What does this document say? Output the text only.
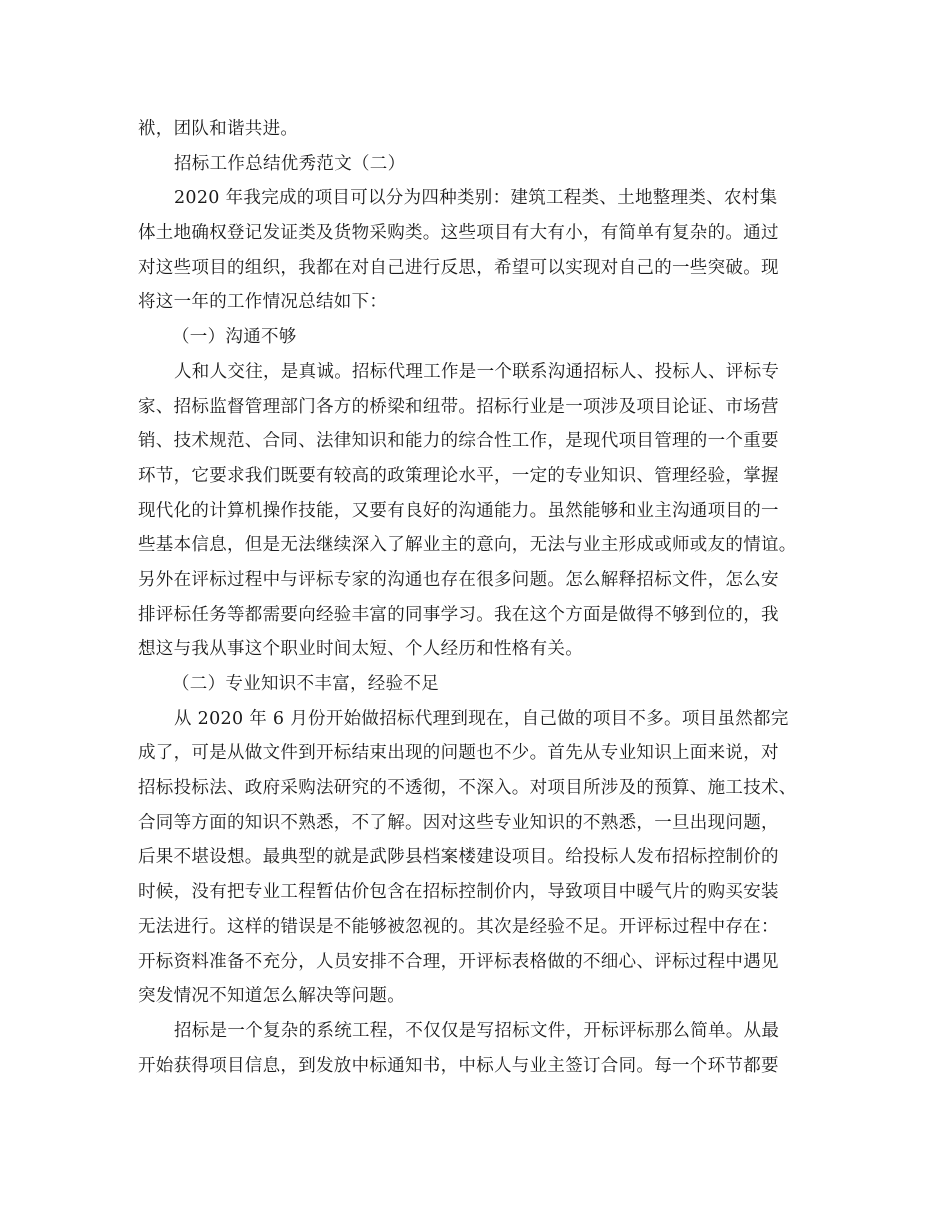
袱，团队和谐共进。
招标工作总结优秀范文（二）
2020 年我完成的项目可以分为四种类别：建筑工程类、土地整理类、农村集
体土地确权登记发证类及货物采购类。这些项目有大有小，有简单有复杂的。通过
对这些项目的组织，我都在对自己进行反思，希望可以实现对自己的一些突破。现
将这一年的工作情况总结如下：
（一）沟通不够
人和人交往，是真诚。招标代理工作是一个联系沟通招标人、投标人、评标专
家、招标监督管理部门各方的桥梁和纽带。招标行业是一项涉及项目论证、市场营
销、技术规范、合同、法律知识和能力的综合性工作，是现代项目管理的一个重要
环节，它要求我们既要有较高的政策理论水平，一定的专业知识、管理经验，掌握
现代化的计算机操作技能，又要有良好的沟通能力。虽然能够和业主沟通项目的一
些基本信息，但是无法继续深入了解业主的意向，无法与业主形成或师或友的情谊。
另外在评标过程中与评标专家的沟通也存在很多问题。怎么解释招标文件，怎么安
排评标任务等都需要向经验丰富的同事学习。我在这个方面是做得不够到位的，我
想这与我从事这个职业时间太短、个人经历和性格有关。
（二）专业知识不丰富，经验不足
从 2020 年 6 月份开始做招标代理到现在，自己做的项目不多。项目虽然都完
成了，可是从做文件到开标结束出现的问题也不少。首先从专业知识上面来说，对
招标投标法、政府采购法研究的不透彻，不深入。对项目所涉及的预算、施工技术、
合同等方面的知识不熟悉，不了解。因对这些专业知识的不熟悉，一旦出现问题，
后果不堪设想。最典型的就是武陟县档案楼建设项目。给投标人发布招标控制价的
时候，没有把专业工程暂估价包含在招标控制价内，导致项目中暖气片的购买安装
无法进行。这样的错误是不能够被忽视的。其次是经验不足。开评标过程中存在：
开标资料准备不充分，人员安排不合理，开评标表格做的不细心、评标过程中遇见
突发情况不知道怎么解决等问题。
招标是一个复杂的系统工程，不仅仅是写招标文件，开标评标那么简单。从最
开始获得项目信息，到发放中标通知书，中标人与业主签订合同。每一个环节都要
